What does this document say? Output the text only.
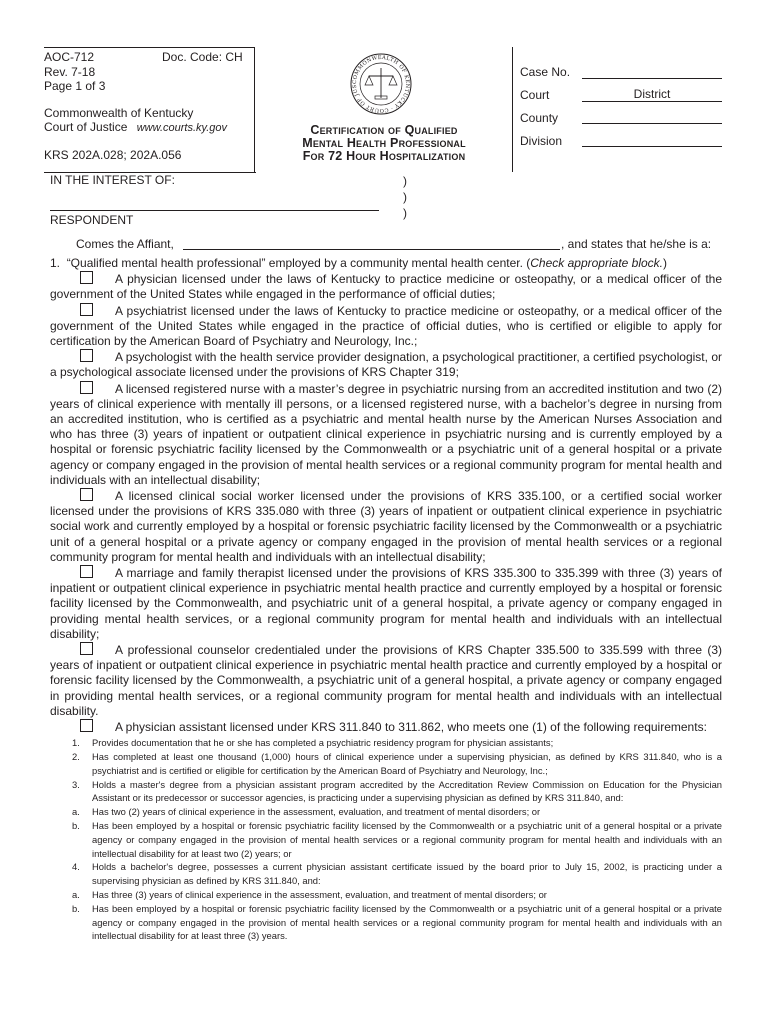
AOC-712	Doc. Code: CH
Rev. 7-18
Page 1 of 3
Commonwealth of Kentucky
Court of Justice www.courts.ky.gov
KRS 202A.028; 202A.056
COMMONWEALTH OF KENTUCKY · COURT OF JUS
Certification of Qualified
Mental Health Professional
For 72 Hour Hospitalization
Case No.
Court	District
County
Division
IN THE INTEREST OF:	)
)
)
RESPONDENT
Comes the Affiant,	, and states that he/she is a:

1. “Qualified mental health professional” employed by a community mental health center. (Check appropriate block.)

A physician licensed under the laws of Kentucky to practice medicine or osteopathy, or a medical officer of the government of the United States while engaged in the performance of official duties;

A psychiatrist licensed under the laws of Kentucky to practice medicine or osteopathy, or a medical officer of the government of the United States while engaged in the practice of official duties, who is certified or eligible to apply for certification by the American Board of Psychiatry and Neurology, Inc.;

A psychologist with the health service provider designation, a psychological practitioner, a certified psychologist, or a psychological associate licensed under the provisions of KRS Chapter 319;

A licensed registered nurse with a master’s degree in psychiatric nursing from an accredited institution and two (2) years of clinical experience with mentally ill persons, or a licensed registered nurse, with a bachelor’s degree in nursing from an accredited institution, who is certified as a psychiatric and mental health nurse by the American Nurses Association and who has three (3) years of inpatient or outpatient clinical experience in psychiatric nursing and is currently employed by a hospital or forensic psychiatric facility licensed by the Commonwealth or a psychiatric unit of a general hospital or a private agency or company engaged in the provision of mental health services or a regional community program for mental health and individuals with an intellectual disability;

A licensed clinical social worker licensed under the provisions of KRS 335.100, or a certified social worker licensed under the provisions of KRS 335.080 with three (3) years of inpatient or outpatient clinical experience in psychiatric social work and currently employed by a hospital or forensic psychiatric facility licensed by the Commonwealth or a psychiatric unit of a general hospital or a private agency or company engaged in the provision of mental health services or a regional community program for mental health and individuals with an intellectual disability;

A marriage and family therapist licensed under the provisions of KRS 335.300 to 335.399 with three (3) years of inpatient or outpatient clinical experience in psychiatric mental health practice and currently employed by a hospital or forensic facility licensed by the Commonwealth, and psychiatric unit of a general hospital, a private agency or company engaged in providing mental health services, or a regional community program for mental health and individuals with an intellectual disability;

A professional counselor credentialed under the provisions of KRS Chapter 335.500 to 335.599 with three (3) years of inpatient or outpatient clinical experience in psychiatric mental health practice and currently employed by a hospital or forensic facility licensed by the Commonwealth, a psychiatric unit of a general hospital, a private agency or company engaged in providing mental health services, or a regional community program for mental health and individuals with an intellectual disability.

A physician assistant licensed under KRS 311.840 to 311.862, who meets one (1) of the following requirements:

1. Provides documentation that he or she has completed a psychiatric residency program for physician assistants;

2. Has completed at least one thousand (1,000) hours of clinical experience under a supervising physician, as defined by KRS 311.840, who is a psychiatrist and is certified or eligible for certification by the American Board of Psychiatry and Neurology, Inc.;

3. Holds a master's degree from a physician assistant program accredited by the Accreditation Review Commission on Education for the Physician Assistant or its predecessor or successor agencies, is practicing under a supervising physician as defined by KRS 311.840, and:

a. Has two (2) years of clinical experience in the assessment, evaluation, and treatment of mental disorders; or

b. Has been employed by a hospital or forensic psychiatric facility licensed by the Commonwealth or a psychiatric unit of a general hospital or a private agency or company engaged in the provision of mental health services or a regional community program for mental health and individuals with an intellectual disability for at least two (2) years; or

4. Holds a bachelor's degree, possesses a current physician assistant certificate issued by the board prior to July 15, 2002, is practicing under a supervising physician as defined by KRS 311.840, and:

a. Has three (3) years of clinical experience in the assessment, evaluation, and treatment of mental disorders; or

b. Has been employed by a hospital or forensic psychiatric facility licensed by the Commonwealth or a psychiatric unit of a general hospital or a private agency or company engaged in the provision of mental health services or a regional community program for mental health and individuals with an intellectual disability for at least three (3) years.
